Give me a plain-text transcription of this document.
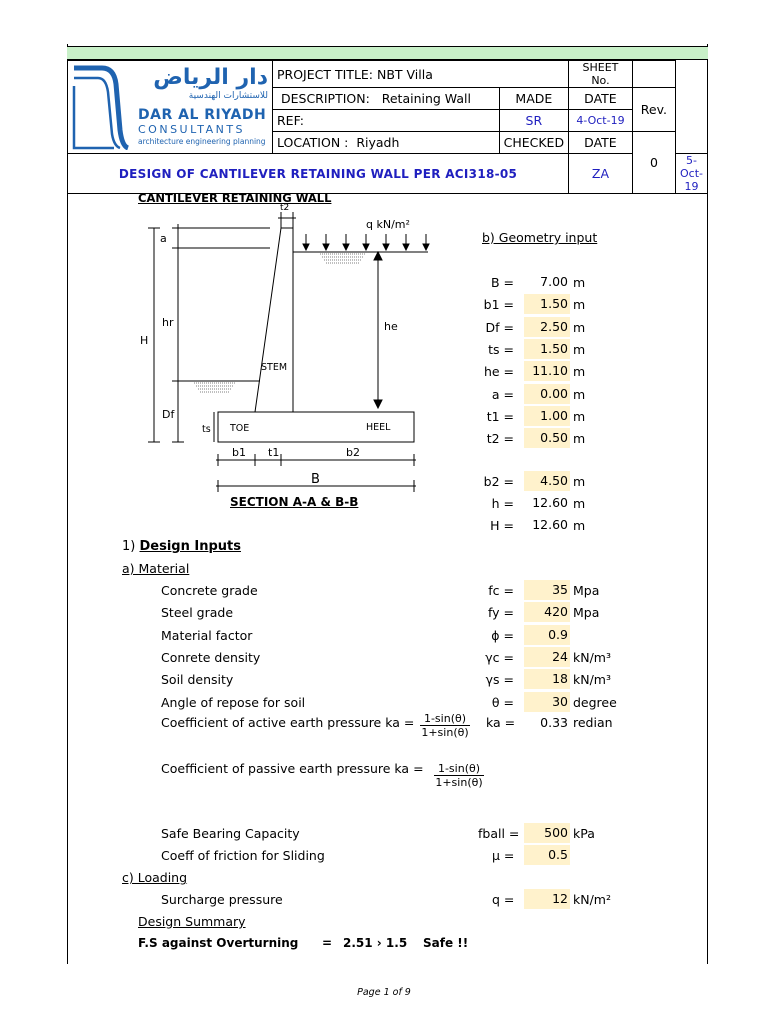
دار الرياض
للاستشارات الهندسية
DAR AL RIYADH
CONSULTANTS
architecture engineering planning	PROJECT TITLE: NBT Villa		SHEET No.		
	DESCRIPTION: Retaining Wall	MADE	DATE	Rev.	
	REF:	SR	4-Oct-19		
	LOCATION : Riyadh	CHECKED	DATE	0	
DESIGN OF CANTILEVER RETAINING WALL PER ACI318-05			ZA		5-Oct-19
CANTILEVER RETAINING WALL
t2
q kN/m²
a
hr
H
he
STEM
Df
ts TOE	HEEL
b1 t1	b2
B
SECTION A-A & B-B
b) Geometry input
B =	7.00 m
b1 =	1.50 m
Df =	2.50 m
ts =	1.50 m
he =	11.10 m
a =	0.00 m
t1 =	1.00 m
t2 =	0.50 m
b2 =	4.50 m
h =	12.60 m
H =	12.60 m
1) Design Inputs
a) Material
Concrete grade	fc =	35 Mpa
Steel grade	fy =	420 Mpa
Material factor	ϕ =	0.9
Conrete density	γc =	24 kN/m³
Soil density	γs =	18 kN/m³
Angle of repose for soil	θ =	30 degree
Coefficient of active earth pressure ka = $\frac{1-\sin(\theta)}{1+\sin(\theta)}$ ka =	0.33 redian
Coefficient of passive earth pressure ka = $\frac{1-\sin(\theta)}{1+\sin(\theta)}$
Safe Bearing Capacity	fball =	500 kPa
Coeff of friction for Sliding	μ =	0.5
c) Loading
Surcharge pressure	q =	12 kN/m²
Design Summary
F.S against Overturning = 2.51 › 1.5 Safe !!
Page 1 of 9
